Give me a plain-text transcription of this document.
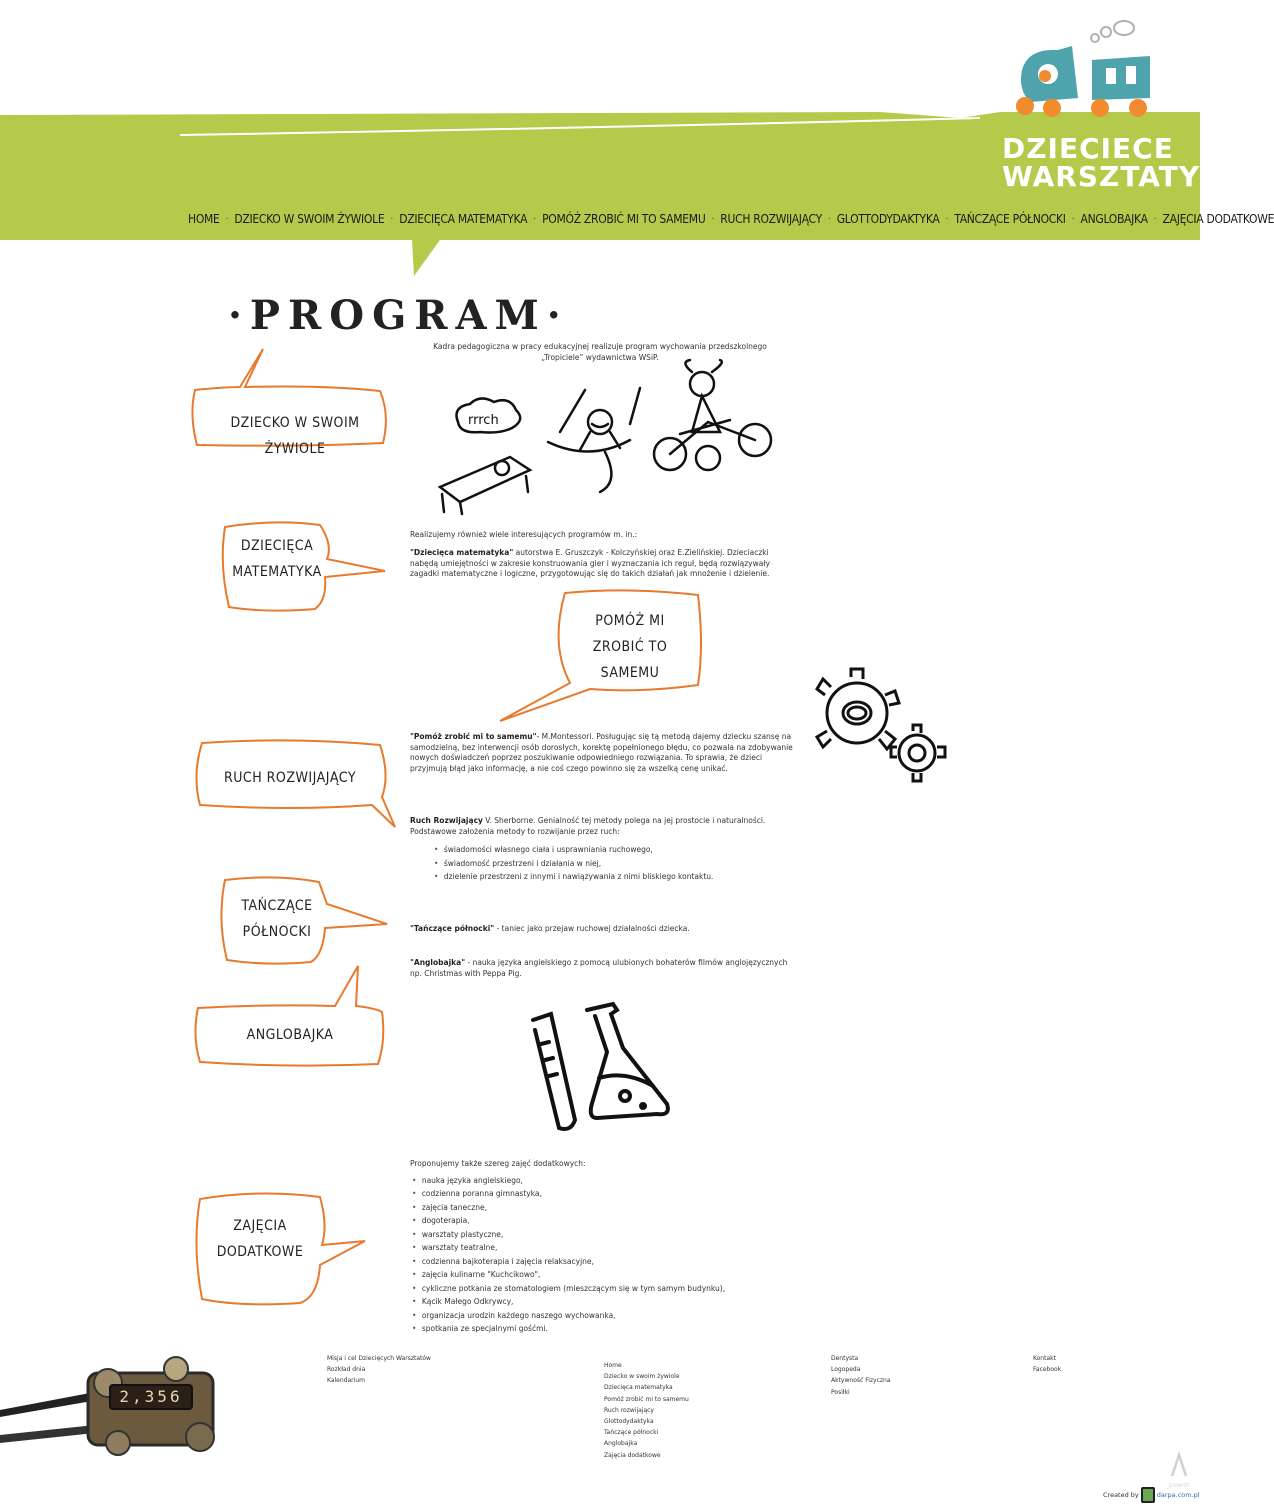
DZIECIECE
WARSZTATY
HOME · DZIECKO W SWOIM ŻYWIOLE · DZIECIĘCA MATEMATYKA · POMÓŻ ZROBIĆ MI TO SAMEMU · RUCH ROZWIJAJĄCY · GLOTTODYDAKTYKA · TAŃCZĄCE PÓŁNOCKI · ANGLOBAJKA · ZAJĘCIA DODATKOWE
·PROGRAM·
DZIECKO W SWOIM ŻYWIOLE
DZIECIĘCA MATEMATYKA
POMÓŻ MI ZROBIĆ TO SAMEMU
RUCH ROZWIJAJĄCY
TAŃCZĄCE PÓŁNOCKI
ANGLOBAJKA
ZAJĘCIA DODATKOWE
Kadra pedagogiczna w pracy edukacyjnej realizuje program wychowania przedszkolnego
„Tropiciele” wydawnictwa WSiP.
rrrch
Realizujemy również wiele interesujących programów m. in.:
"Dziecięca matematyka" autorstwa E. Gruszczyk - Kolczyńskiej oraz E.Zielińskiej. Dzieciaczki nabędą umiejętności w zakresie konstruowania gier i wyznaczania ich reguł, będą rozwiązywały zagadki matematyczne i logiczne, przygotowując się do takich działań jak mnożenie i dzielenie.
"Pomóż zrobić mi to samemu"- M.Montessori. Posługując się tą metodą dajemy dziecku szansę na samodzielną, bez interwencji osób dorosłych, korektę popełnionego błędu, co pozwala na zdobywanie nowych doświadczeń poprzez poszukiwanie odpowiedniego rozwiązania. To sprawia, że dzieci przyjmują błąd jako informację, a nie coś czego powinno się za wszelką cenę unikać.
Ruch Rozwijający V. Sherborne. Genialność tej metody polega na jej prostocie i naturalności. Podstawowe założenia metody to rozwijanie przez ruch:
• świadomości własnego ciała i usprawniania ruchowego,
• świadomość przestrzeni i działania w niej,
• dzielenie przestrzeni z innymi i nawiązywania z nimi bliskiego kontaktu.
"Tańczące północki" - taniec jako przejaw ruchowej działalności dziecka.
"Anglobajka" - nauka języka angielskiego z pomocą ulubionych bohaterów filmów anglojęzycznych np. Christmas with Peppa Pig.
Proponujemy także szereg zajęć dodatkowych:
• nauka języka angielskiego,
• codzienna poranna gimnastyka,
• zajęcia taneczne,
• dogoterapia,
• warsztaty plastyczne,
• warsztaty teatralne,
• codzienna bajkoterapia i zajęcia relaksacyjne,
• zajęcia kulinarne "Kuchcikowo",
• cykliczne potkania ze stomatologiem (mieszczącym się w tym samym budynku),
• Kącik Małego Odkrywcy,
• organizacja urodzin każdego naszego wychowanka,
• spotkania ze specjalnymi gośćmi.
2,356
Misja i cel Dziecięcych Warsztatów
Rozkład dnia
Kalendarium
Home
Dziecko w swoim żywiole
Dziecięca matematyka
Pomóż zrobić mi to samemu
Ruch rozwijający
Glottodydaktyka
Tańczące północki
Anglobajka
Zajęcia dodatkowe
Dentysta
Logopeda
Aktywność Fizyczna
Posiłki
Kontakt
Facebook
powrót
Created by	darpa.com.pl
